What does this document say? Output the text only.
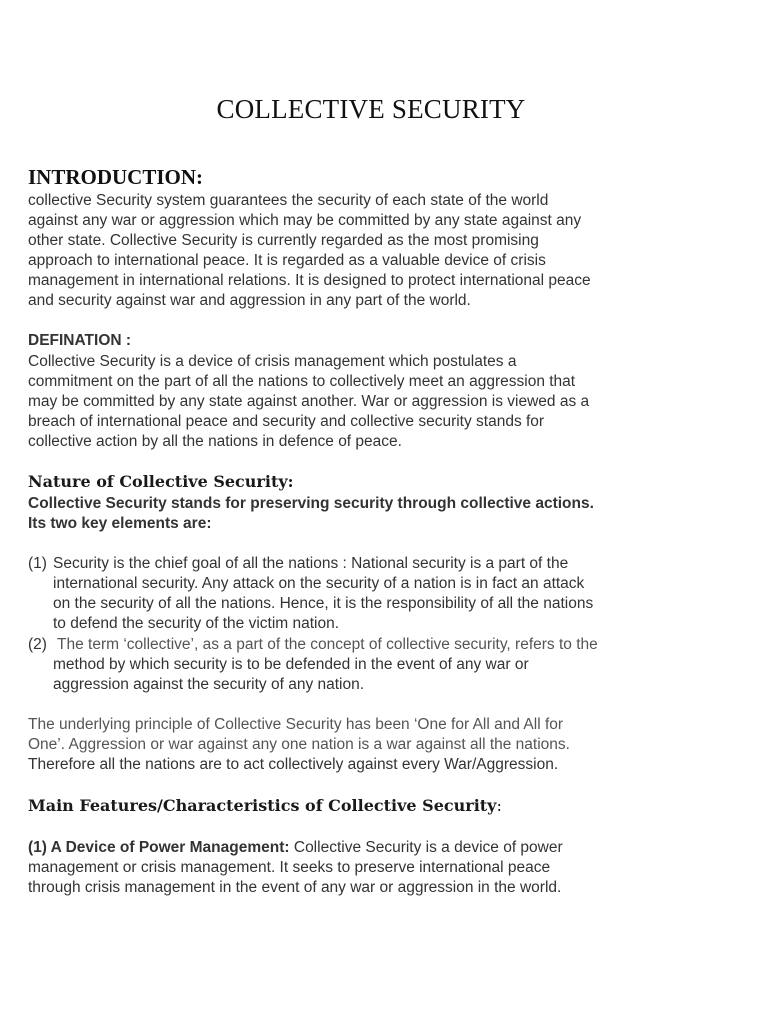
COLLECTIVE SECURITY
INTRODUCTION:
collective Security system guarantees the security of each state of the world
against any war or aggression which may be committed by any state against any
other state. Collective Security is currently regarded as the most promising
approach to international peace. It is regarded as a valuable device of crisis
management in international relations. It is designed to protect international peace
and security against war and aggression in any part of the world.
DEFINATION :
Collective Security is a device of crisis management which postulates a
commitment on the part of all the nations to collectively meet an aggression that
may be committed by any state against another. War or aggression is viewed as a
breach of international peace and security and collective security stands for
collective action by all the nations in defence of peace.
Nature of Collective Security:
Collective Security stands for preserving security through collective actions.
Its two key elements are:
(1) Security is the chief goal of all the nations : National security is a part of the
international security. Any attack on the security of a nation is in fact an attack
on the security of all the nations. Hence, it is the responsibility of all the nations
to defend the security of the victim nation.
(2) The term ‘collective’, as a part of the concept of collective security, refers to the
method by which security is to be defended in the event of any war or
aggression against the security of any nation.
The underlying principle of Collective Security has been ‘One for All and All for
One’. Aggression or war against any one nation is a war against all the nations.
Therefore all the nations are to act collectively against every War/Aggression.
Main Features/Characteristics of Collective Security:
(1) A Device of Power Management: Collective Security is a device of power
management or crisis management. It seeks to preserve international peace
through crisis management in the event of any war or aggression in the world.
